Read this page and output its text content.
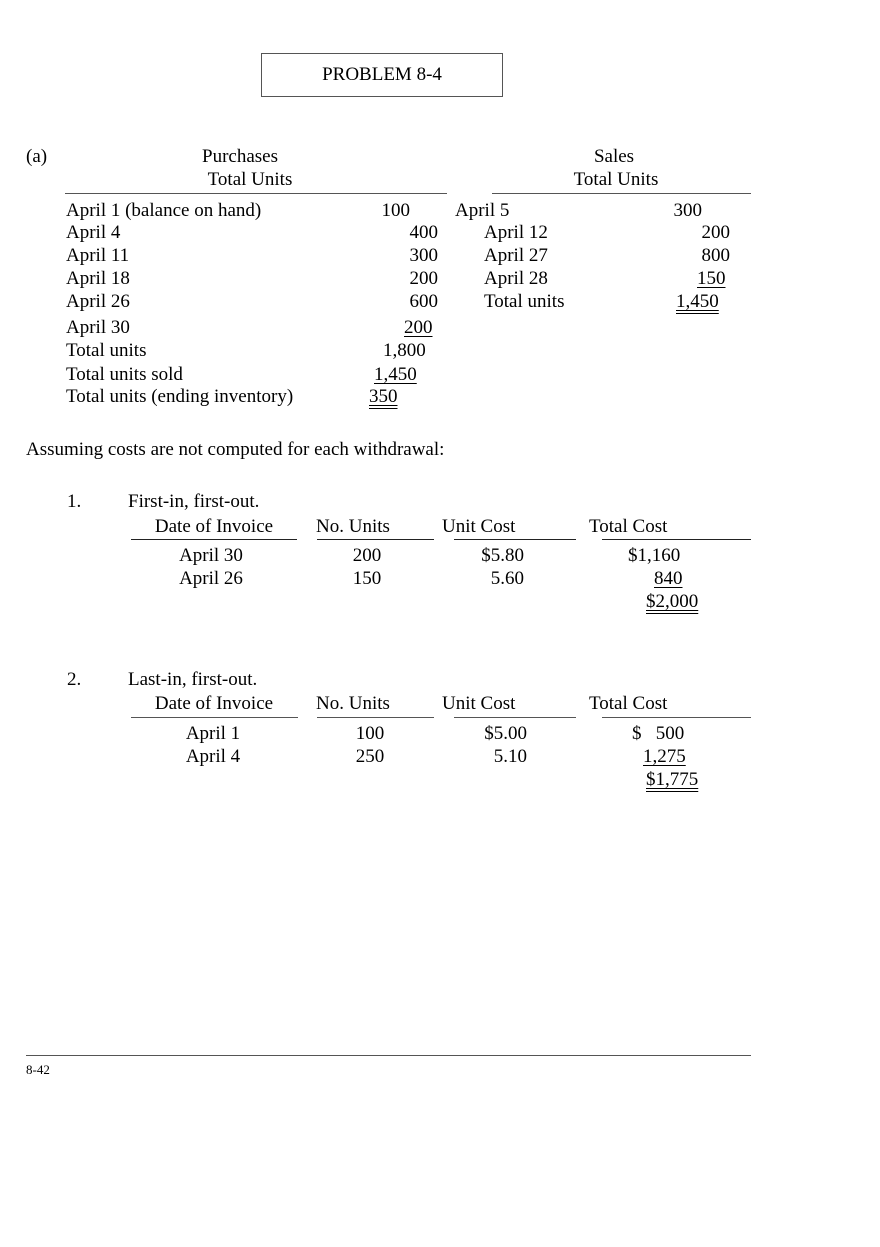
PROBLEM 8-4
(a)	Purchases
Total Units
Sales
Total Units
April 1 (balance on hand)	100
April 4	400
April 11	300
April 18	200
April 26	600
April 30	200
Total units	1,800
Total units sold	1,450
Total units (ending inventory)	350
April 5	300
April 12	200
April 27	800
April 28	150
Total units	1,450
Assuming costs are not computed for each withdrawal:
1. First-in, first-out.
Date of Invoice	No. Units	Unit Cost	Total Cost
April 30	200	$5.80	$1,160
April 26	150	5.60	840
$2,000
2. Last-in, first-out.
Date of Invoice	No. Units	Unit Cost	Total Cost
April 1	100	$5.00	$   500
April 4	250	5.10	1,275
$1,775
8-42
